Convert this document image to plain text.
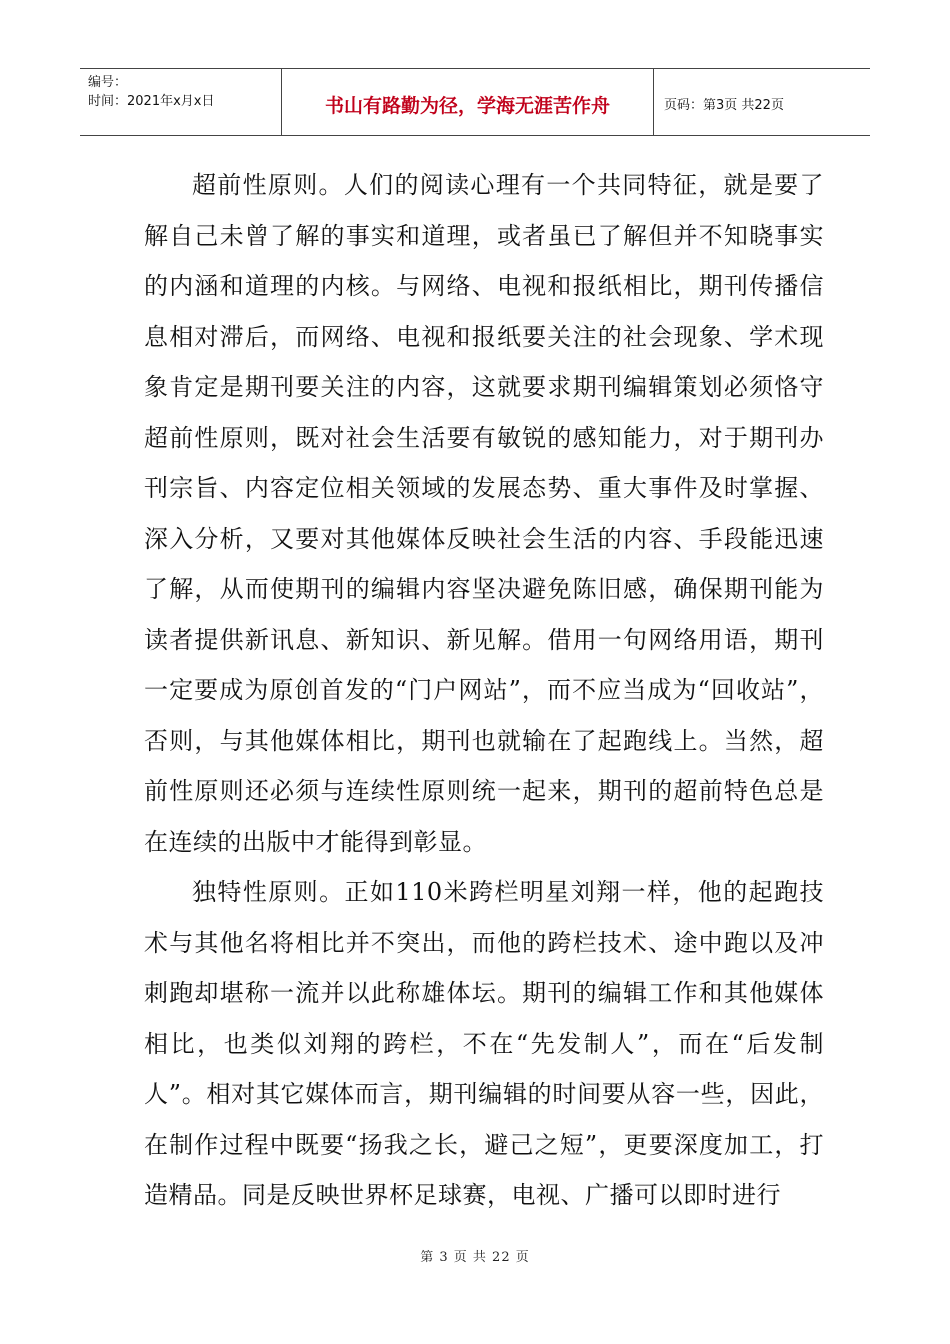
编号：
时间：2021年x月x日	书山有路勤为径，学海无涯苦作舟	页码：第3页 共22页

超前性原则。人们的阅读心理有一个共同特征，就是要了解自己未曾了解的事实和道理，或者虽已了解但并不知晓事实的内涵和道理的内核。与网络、电视和报纸相比，期刊传播信息相对滞后，而网络、电视和报纸要关注的社会现象、学术现象肯定是期刊要关注的内容，这就要求期刊编辑策划必须恪守超前性原则，既对社会生活要有敏锐的感知能力，对于期刊办刊宗旨、内容定位相关领域的发展态势、重大事件及时掌握、深入分析，又要对其他媒体反映社会生活的内容、手段能迅速了解，从而使期刊的编辑内容坚决避免陈旧感，确保期刊能为读者提供新讯息、新知识、新见解。借用一句网络用语，期刊一定要成为原创首发的“门户网站”，而不应当成为“回收站”，否则，与其他媒体相比，期刊也就输在了起跑线上。当然，超前性原则还必须与连续性原则统一起来，期刊的超前特色总是在连续的出版中才能得到彰显。

独特性原则。正如110米跨栏明星刘翔一样，他的起跑技术与其他名将相比并不突出，而他的跨栏技术、途中跑以及冲刺跑却堪称一流并以此称雄体坛。期刊的编辑工作和其他媒体相比，也类似刘翔的跨栏，不在“先发制人”，而在“后发制人”。相对其它媒体而言，期刊编辑的时间要从容一些，因此，在制作过程中既要“扬我之长，避己之短”，更要深度加工，打造精品。同是反映世界杯足球赛，电视、广播可以即时进行

第 3 页 共 22 页
